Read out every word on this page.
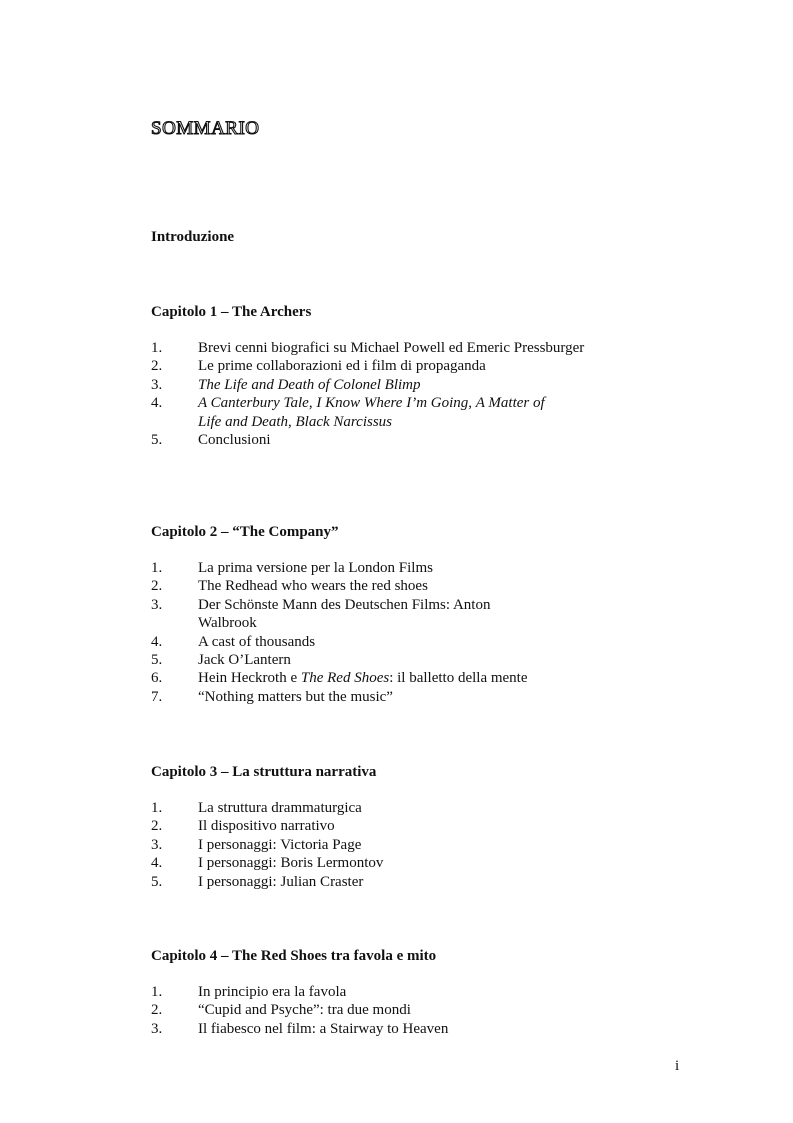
sommario
Introduzione
Capitolo 1 – The Archers
1.	Brevi cenni biografici su Michael Powell ed Emeric Pressburger
2.	Le prime collaborazioni ed i film di propaganda
3.	The Life and Death of Colonel Blimp
4.	A Canterbury Tale, I Know Where I’m Going, A Matter of
Life and Death, Black Narcissus
5.	Conclusioni
Capitolo 2 – “The Company”
1.	La prima versione per la London Films
2.	The Redhead who wears the red shoes
3.	Der Schönste Mann des Deutschen Films: Anton
Walbrook
4.	A cast of thousands
5.	Jack O’Lantern
6.	Hein Heckroth e The Red Shoes: il balletto della mente
7.	“Nothing matters but the music”
Capitolo 3 – La struttura narrativa
1.	La struttura drammaturgica
2.	Il dispositivo narrativo
3.	I personaggi: Victoria Page
4.	I personaggi: Boris Lermontov
5.	I personaggi: Julian Craster
Capitolo 4 – The Red Shoes tra favola e mito
1.	In principio era la favola
2.	“Cupid and Psyche”: tra due mondi
3.	Il fiabesco nel film: a Stairway to Heaven
i
